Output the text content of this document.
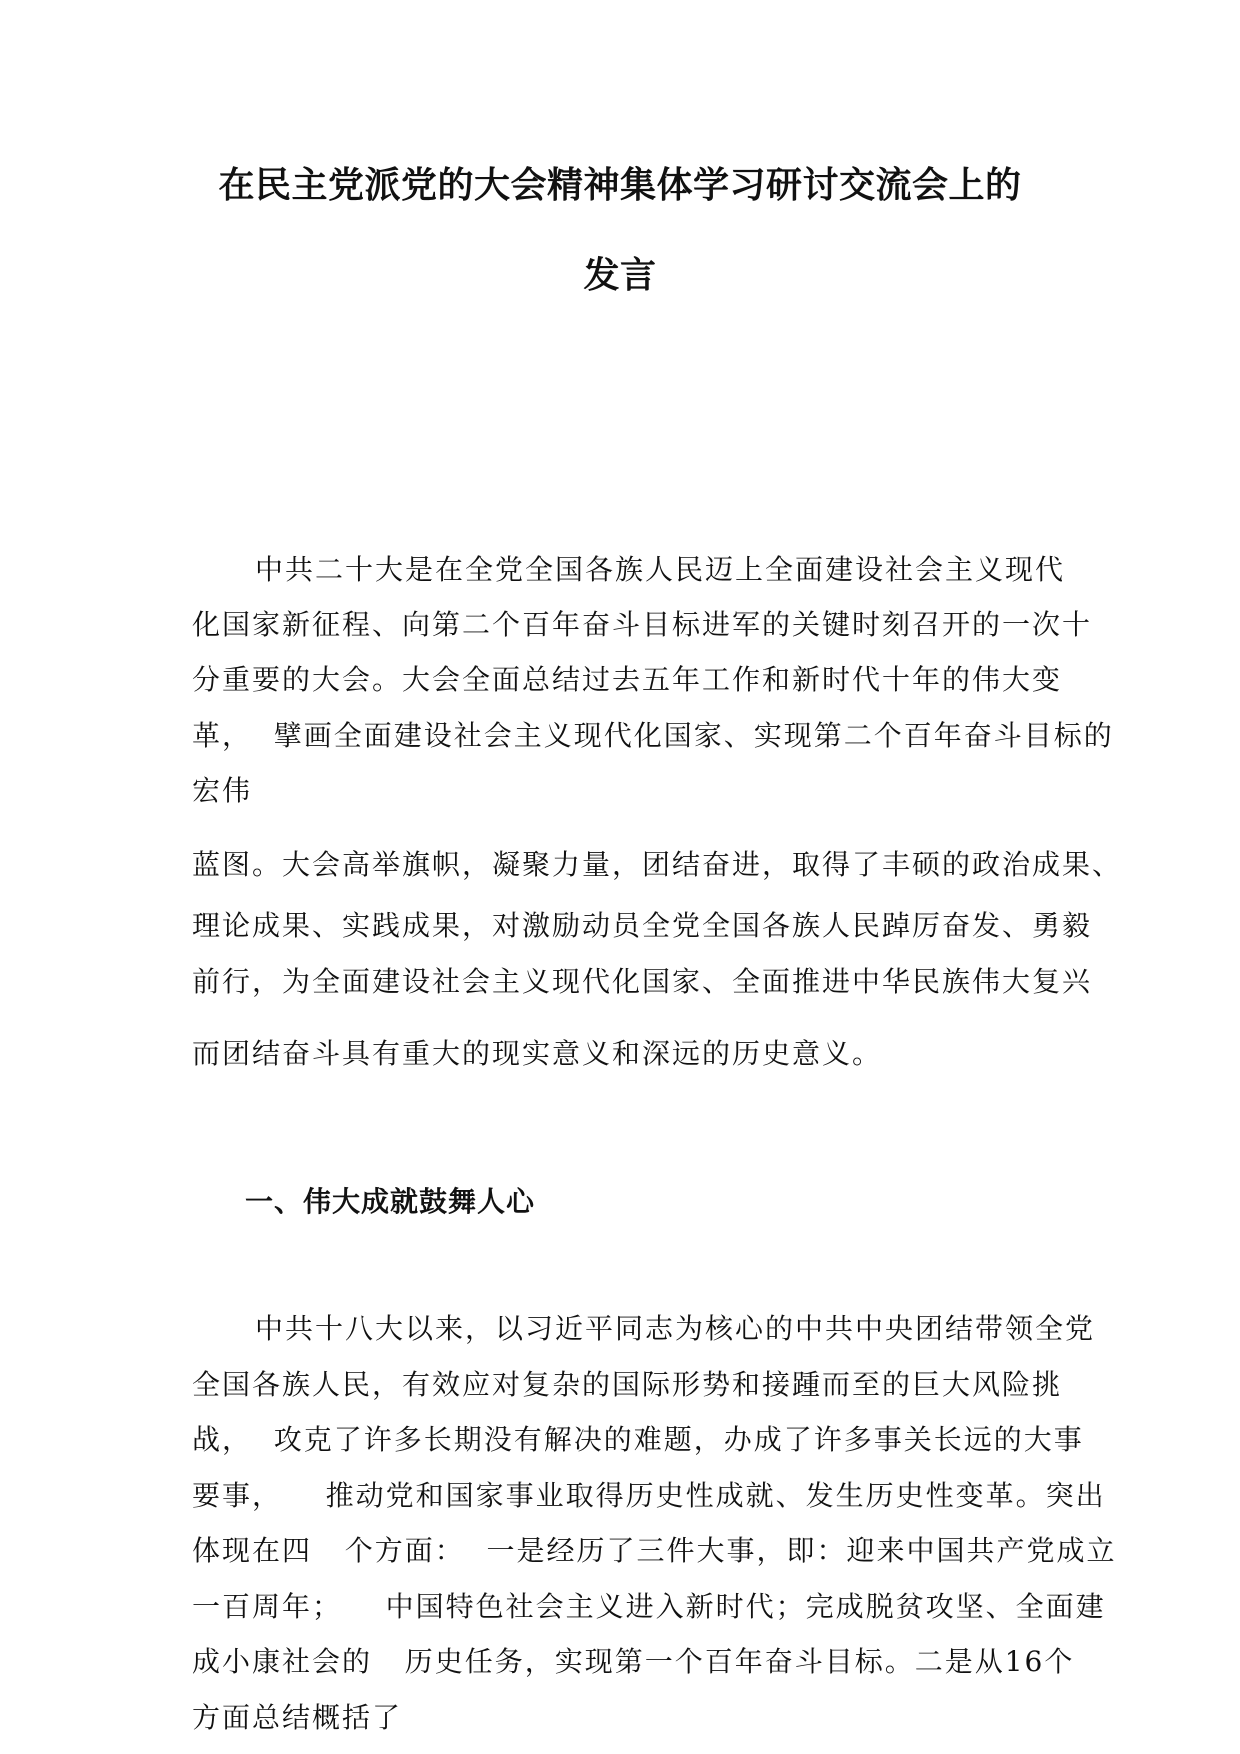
在民主党派党的大会精神集体学习研讨交流会上的
发言
中共二十大是在全党全国各族人民迈上全面建设社会主义现代
化国家新征程、向第二个百年奋斗目标进军的关键时刻召开的一次十
分重要的大会。大会全面总结过去五年工作和新时代十年的伟大变
革，  擘画全面建设社会主义现代化国家、实现第二个百年奋斗目标的
宏伟
蓝图。大会高举旗帜，凝聚力量，团结奋进，取得了丰硕的政治成果、
理论成果、实践成果，对激励动员全党全国各族人民踔厉奋发、勇毅
前行，为全面建设社会主义现代化国家、全面推进中华民族伟大复兴
而团结奋斗具有重大的现实意义和深远的历史意义。
一、伟大成就鼓舞人心
中共十八大以来，以习近平同志为核心的中共中央团结带领全党
全国各族人民，有效应对复杂的国际形势和接踵而至的巨大风险挑
战，  攻克了许多长期没有解决的难题，办成了许多事关长远的大事
要事，    推动党和国家事业取得历史性成就、发生历史性变革。突出
体现在四   个方面：  一是经历了三件大事，即：迎来中国共产党成立
一百周年；    中国特色社会主义进入新时代；完成脱贫攻坚、全面建
成小康社会的   历史任务，实现第一个百年奋斗目标。二是从16个
方面总结概括了
